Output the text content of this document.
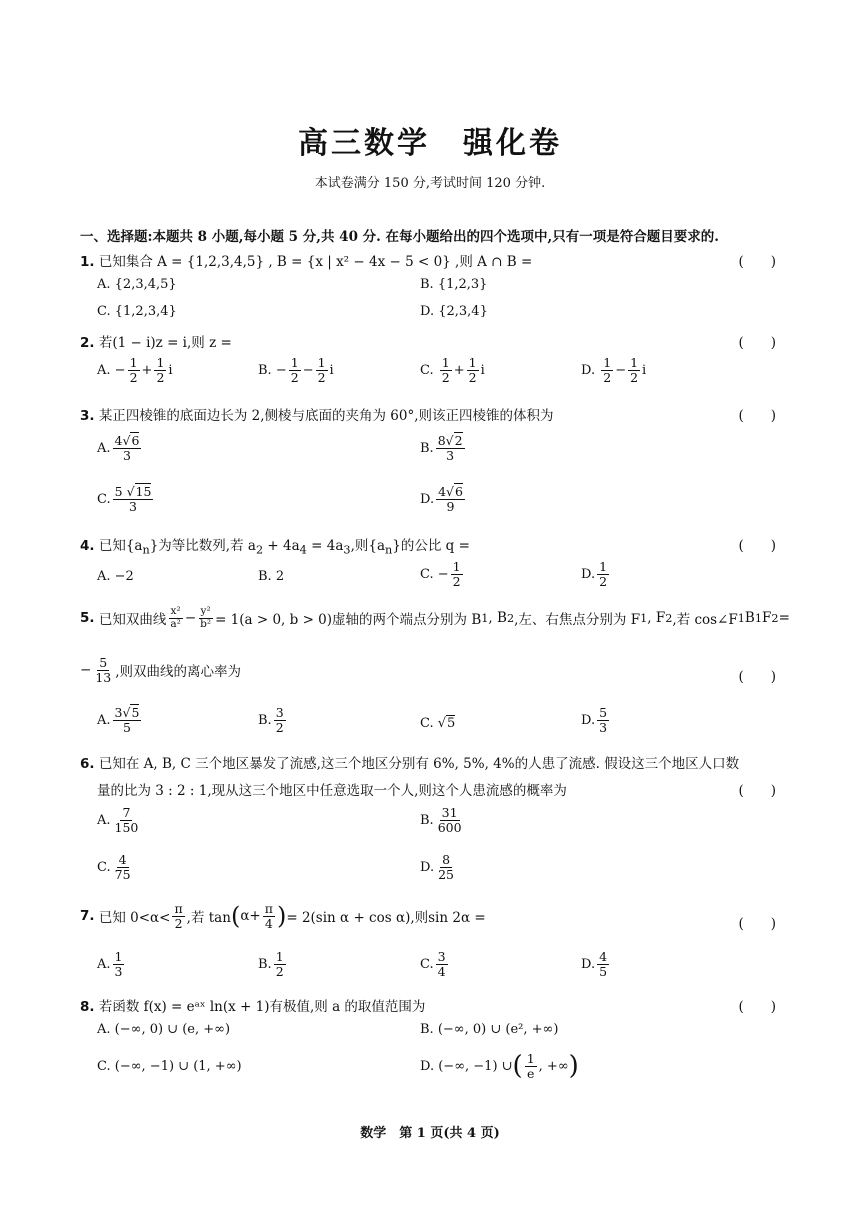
高三数学　强化卷
本试卷满分 150 分,考试时间 120 分钟.
一、选择题:本题共 8 小题,每小题 5 分,共 40 分. 在每小题给出的四个选项中,只有一项是符合题目要求的.
1. 已知集合 A = {1,2,3,4,5} , B = {x | x² − 4x − 5 < 0} ,则 A ∩ B =	(　　)
A. {2,3,4,5}	B. {1,2,3}
C. {1,2,3,4}	D. {2,3,4}
2. 若(1 − i)z = i,则 z =	(　　)
A.
− $\frac{1}{2} + \frac{1}{2}$ i	B.
− $\frac{1}{2} - \frac{1}{2}$ i	C.
$\frac{1}{2} + \frac{1}{2}$ i	D.
$\frac{1}{2} - \frac{1}{2}$ i
3. 某正四棱锥的底面边长为 2,侧棱与底面的夹角为 60°,则该正四棱锥的体积为	(　　)
A. $\frac{4√6}{3}$	B. $\frac{8√2}{3}$
C. $\frac{5 √15}{3}$	D. $\frac{4√6}{9}$
4. 已知$\{a_n\}$为等比数列,若 $a_2 + 4a_4 = 4a_3$,则$\{a_n\}$的公比 q =	(　　)
A. −2	B. 2	C. − $\frac{1}{2}$	D. $\frac{1}{2}$
5.
已知双曲线 $\frac{\text{x²}}{\text{a²}} - \frac{\text{y²}}{\text{b²}} = 1(a > 0$, b > 0)虚轴的两个端点分别为 B 1 , B 2 ,左、右焦点分别为 F 1 , F 2 ,若 cos∠F 1 B 1 F 2 =
− $\frac{5}{13}$ ,则双曲线的离心率为	(　　)
A. $\frac{3√5}{5}$	B. $\frac{3}{2}$	C. √ 5	D. $\frac{5}{3}$
6. 已知在 A, B, C 三个地区暴发了流感,这三个地区分别有 6%, 5%, 4%的人患了流感. 假设这三个地区人口数
量的比为 3 : 2 : 1,现从这三个地区中任意选取一个人,则这个人患流感的概率为	(　　)
A. $\frac{7}{150}$	B. $\frac{31}{600}$
C. $\frac{4}{75}$	D. $\frac{8}{25}$
7.
已知 $0<\alpha< \frac{\pi}{2}$ ,若 tan ( $\alpha+ \frac{\pi}{4}$ ) = 2(sin α + cos α),则sin 2α =	(　　)
A. $\frac{1}{3}$	B. $\frac{1}{2}$	C. $\frac{3}{4}$	D. $\frac{4}{5}$
8. 若函数 f(x) = eᵃˣ ln(x + 1)有极值,则 a 的取值范围为	(　　)
A. (−∞, 0) ∪ (e, +∞)	B. (−∞, 0) ∪ (e², +∞)
C. (−∞, −1) ∪ (1, +∞)	D. (−∞, −1) ∪ ( $\frac{1}{e}$ , +∞ )
数学　第 1 页(共 4 页)
